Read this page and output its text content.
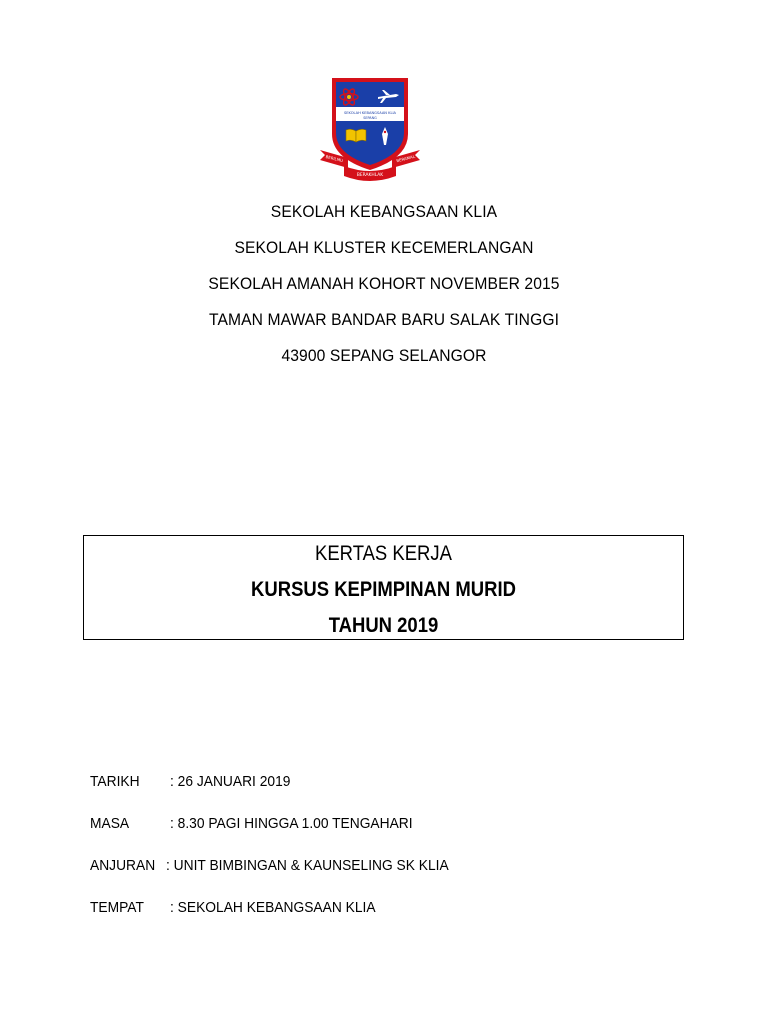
SEKOLAH KEBANGSAAN KLIA
SEPANG
BERILMU	BERAMAL
BERAKHLAK
SEKOLAH KEBANGSAAN KLIA
SEKOLAH KLUSTER KECEMERLANGAN
SEKOLAH AMANAH KOHORT NOVEMBER 2015
TAMAN MAWAR BANDAR BARU SALAK TINGGI
43900 SEPANG SELANGOR
KERTAS KERJA
KURSUS KEPIMPINAN MURID
TAHUN 2019
TARIKH : 26 JANUARI 2019
MASA	: 8.30 PAGI HINGGA 1.00 TENGAHARI
ANJURAN : UNIT BIMBINGAN & KAUNSELING SK KLIA
TEMPAT : SEKOLAH KEBANGSAAN KLIA
